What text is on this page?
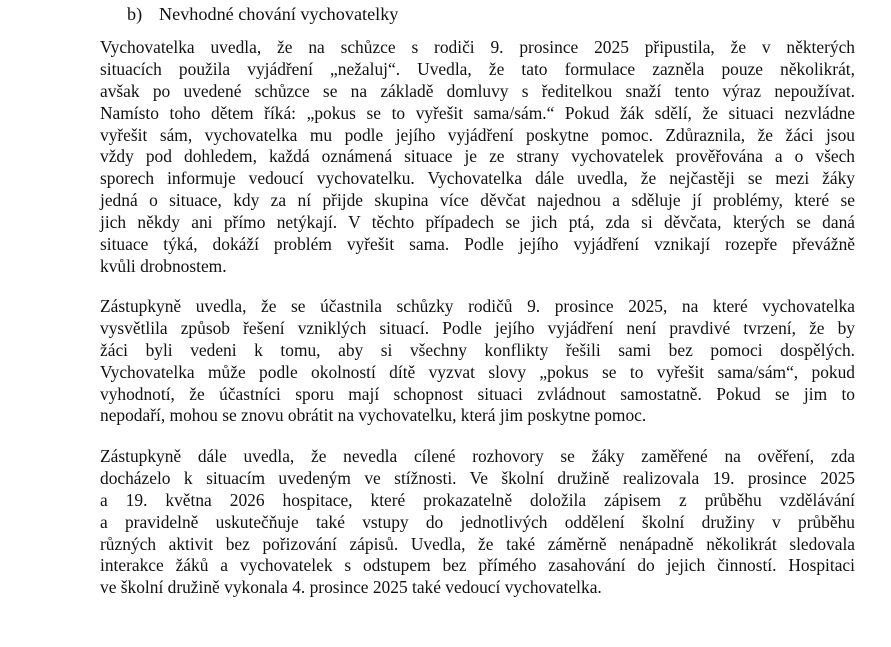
b) Nevhodné chování vychovatelky
Vychovatelka uvedla, že na schůzce s rodiči 9. prosince 2025 připustila, že v některých
situacích použila vyjádření „nežaluj“. Uvedla, že tato formulace zazněla pouze několikrát,
avšak po uvedené schůzce se na základě domluvy s ředitelkou snaží tento výraz nepoužívat.
Namísto toho dětem říká: „pokus se to vyřešit sama/sám.“ Pokud žák sdělí, že situaci nezvládne
vyřešit sám, vychovatelka mu podle jejího vyjádření poskytne pomoc. Zdůraznila, že žáci jsou
vždy pod dohledem, každá oznámená situace je ze strany vychovatelek prověřována a o všech
sporech informuje vedoucí vychovatelku. Vychovatelka dále uvedla, že nejčastěji se mezi žáky
jedná o situace, kdy za ní přijde skupina více děvčat najednou a sděluje jí problémy, které se
jich někdy ani přímo netýkají. V těchto případech se jich ptá, zda si děvčata, kterých se daná
situace týká, dokáží problém vyřešit sama. Podle jejího vyjádření vznikají rozepře převážně
kvůli drobnostem.
Zástupkyně uvedla, že se účastnila schůzky rodičů 9. prosince 2025, na které vychovatelka
vysvětlila způsob řešení vzniklých situací. Podle jejího vyjádření není pravdivé tvrzení, že by
žáci byli vedeni k tomu, aby si všechny konflikty řešili sami bez pomoci dospělých.
Vychovatelka může podle okolností dítě vyzvat slovy „pokus se to vyřešit sama/sám“, pokud
vyhodnotí, že účastníci sporu mají schopnost situaci zvládnout samostatně. Pokud se jim to
nepodaří, mohou se znovu obrátit na vychovatelku, která jim poskytne pomoc.
Zástupkyně dále uvedla, že nevedla cílené rozhovory se žáky zaměřené na ověření, zda
docházelo k situacím uvedeným ve stížnosti. Ve školní družině realizovala 19. prosince 2025
a 19. května 2026 hospitace, které prokazatelně doložila zápisem z průběhu vzdělávání
a pravidelně uskutečňuje také vstupy do jednotlivých oddělení školní družiny v průběhu
různých aktivit bez pořizování zápisů. Uvedla, že také záměrně nenápadně několikrát sledovala
interakce žáků a vychovatelek s odstupem bez přímého zasahování do jejich činností. Hospitaci
ve školní družině vykonala 4. prosince 2025 také vedoucí vychovatelka.
